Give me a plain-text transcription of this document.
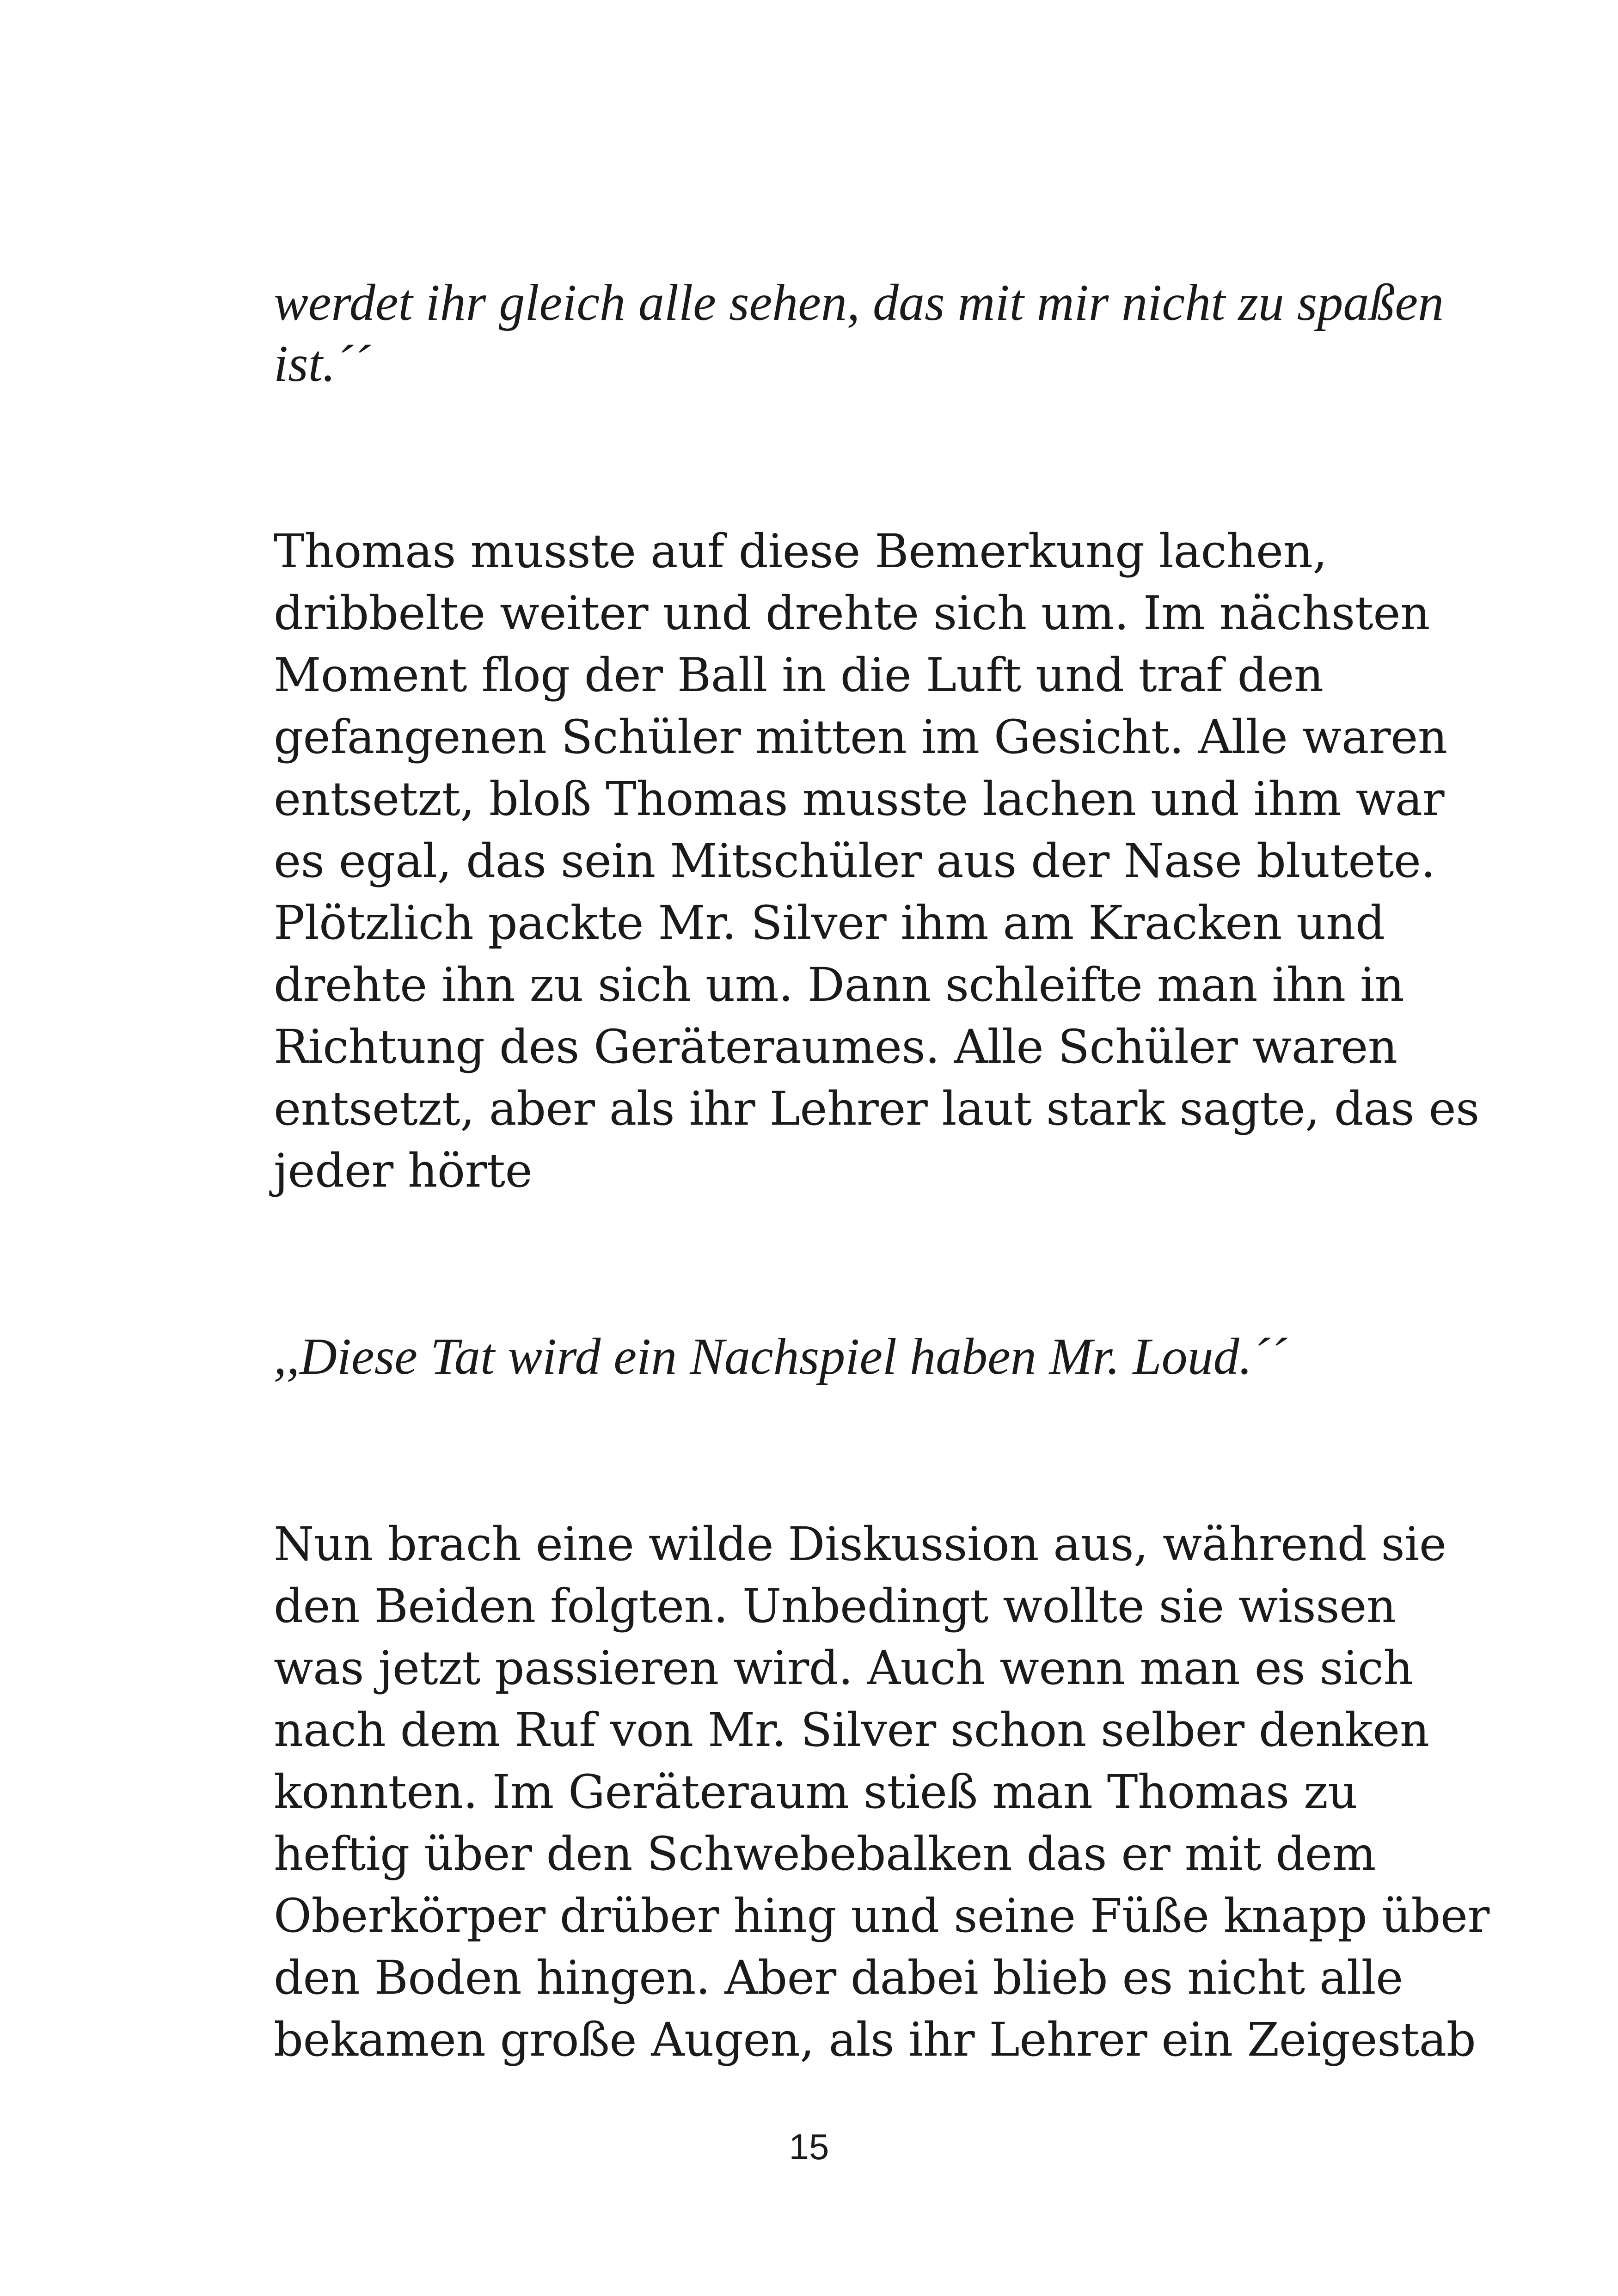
werdet ihr gleich alle sehen, das mit mir nicht zu spaßen
ist.´´
Thomas musste auf diese Bemerkung lachen,
dribbelte weiter und drehte sich um. Im nächsten
Moment flog der Ball in die Luft und traf den
gefangenen Schüler mitten im Gesicht. Alle waren
entsetzt, bloß Thomas musste lachen und ihm war
es egal, das sein Mitschüler aus der Nase blutete.
Plötzlich packte Mr. Silver ihm am Kracken und
drehte ihn zu sich um. Dann schleifte man ihn in
Richtung des Geräteraumes. Alle Schüler waren
entsetzt, aber als ihr Lehrer laut stark sagte, das es
jeder hörte
,,Diese Tat wird ein Nachspiel haben Mr. Loud.´´
Nun brach eine wilde Diskussion aus, während sie
den Beiden folgten. Unbedingt wollte sie wissen
was jetzt passieren wird. Auch wenn man es sich
nach dem Ruf von Mr. Silver schon selber denken
konnten. Im Geräteraum stieß man Thomas zu
heftig über den Schwebebalken das er mit dem
Oberkörper drüber hing und seine Füße knapp über
den Boden hingen. Aber dabei blieb es nicht alle
bekamen große Augen, als ihr Lehrer ein Zeigestab
15
